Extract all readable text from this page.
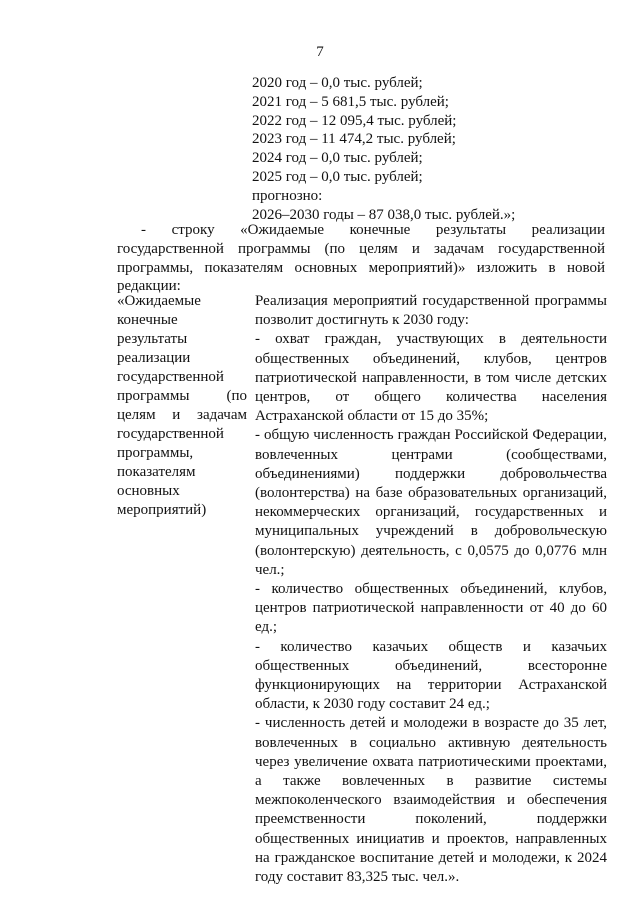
7
2020 год – 0,0 тыс. рублей;
2021 год – 5 681,5 тыс. рублей;
2022 год – 12 095,4 тыс. рублей;
2023 год – 11 474,2 тыс. рублей;
2024 год – 0,0 тыс. рублей;
2025 год – 0,0 тыс. рублей;
прогнозно:
2026–2030 годы – 87 038,0 тыс. рублей.»;
- строку «Ожидаемые конечные результаты реализации государственной программы (по целям и задачам государственной программы, показателям основных мероприятий)» изложить в новой редакции:
«Ожидаемые конечные результаты реализации государственной программы (по целям и задачам государственной программы, показателям основных мероприятий)

Реализация мероприятий государственной программы позволит достигнуть к 2030 году:

- охват граждан, участвующих в деятельности общественных объединений, клубов, центров патриотической направленности, в том числе детских центров, от общего количества населения Астраханской области от 15 до 35%;

- общую численность граждан Российской Федерации, вовлеченных центрами (сообществами, объединениями) поддержки добровольчества (волонтерства) на базе образовательных организаций, некоммерческих организаций, государственных и муниципальных учреждений в добровольческую (волонтерскую) деятельность, с 0,0575 до 0,0776 млн чел.;

- количество общественных объединений, клубов, центров патриотической направленности от 40 до 60 ед.;

- количество казачьих обществ и казачьих общественных объединений, всесторонне функционирующих на территории Астраханской области, к 2030 году составит 24 ед.;

- численность детей и молодежи в возрасте до 35 лет, вовлеченных в социально активную деятельность через увеличение охвата патриотическими проектами, а также вовлеченных в развитие системы межпоколенческого взаимодействия и обеспечения преемственности поколений, поддержки общественных инициатив и проектов, направленных на гражданское воспитание детей и молодежи, к 2024 году составит 83,325 тыс. чел.».
